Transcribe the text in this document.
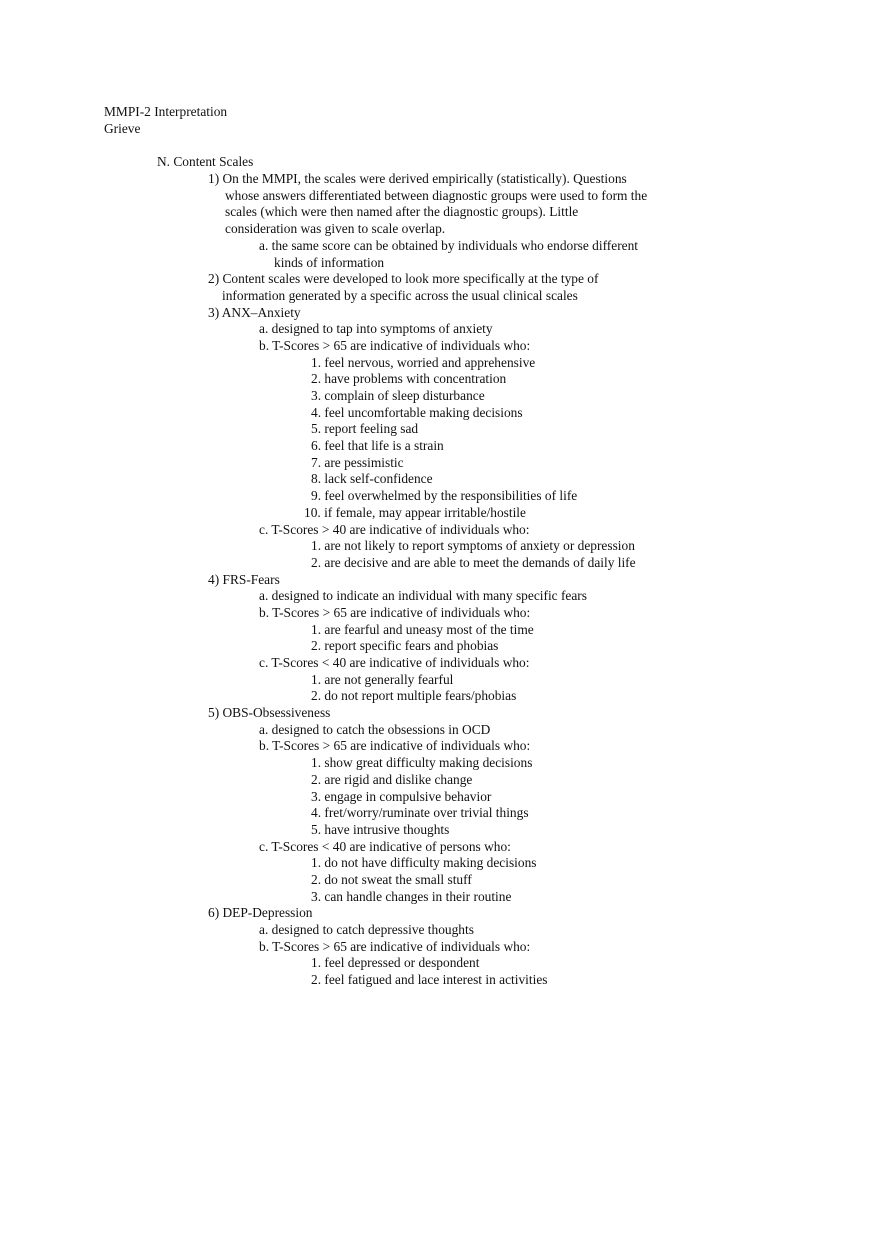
MMPI-2 Interpretation
Grieve
N. Content Scales
1) On the MMPI, the scales were derived empirically (statistically). Questions
whose answers differentiated between diagnostic groups were used to form the
scales (which were then named after the diagnostic groups). Little
consideration was given to scale overlap.
a. the same score can be obtained by individuals who endorse different
kinds of information
2) Content scales were developed to look more specifically at the type of
information generated by a specific across the usual clinical scales
3) ANX–Anxiety
a. designed to tap into symptoms of anxiety
b. T-Scores > 65 are indicative of individuals who:
1. feel nervous, worried and apprehensive
2. have problems with concentration
3. complain of sleep disturbance
4. feel uncomfortable making decisions
5. report feeling sad
6. feel that life is a strain
7. are pessimistic
8. lack self-confidence
9. feel overwhelmed by the responsibilities of life
10. if female, may appear irritable/hostile
c. T-Scores > 40 are indicative of individuals who:
1. are not likely to report symptoms of anxiety or depression
2. are decisive and are able to meet the demands of daily life
4) FRS-Fears
a. designed to indicate an individual with many specific fears
b. T-Scores > 65 are indicative of individuals who:
1. are fearful and uneasy most of the time
2. report specific fears and phobias
c. T-Scores < 40 are indicative of individuals who:
1. are not generally fearful
2. do not report multiple fears/phobias
5) OBS-Obsessiveness
a. designed to catch the obsessions in OCD
b. T-Scores > 65 are indicative of individuals who:
1. show great difficulty making decisions
2. are rigid and dislike change
3. engage in compulsive behavior
4. fret/worry/ruminate over trivial things
5. have intrusive thoughts
c. T-Scores < 40 are indicative of persons who:
1. do not have difficulty making decisions
2. do not sweat the small stuff
3. can handle changes in their routine
6) DEP-Depression
a. designed to catch depressive thoughts
b. T-Scores > 65 are indicative of individuals who:
1. feel depressed or despondent
2. feel fatigued and lace interest in activities
